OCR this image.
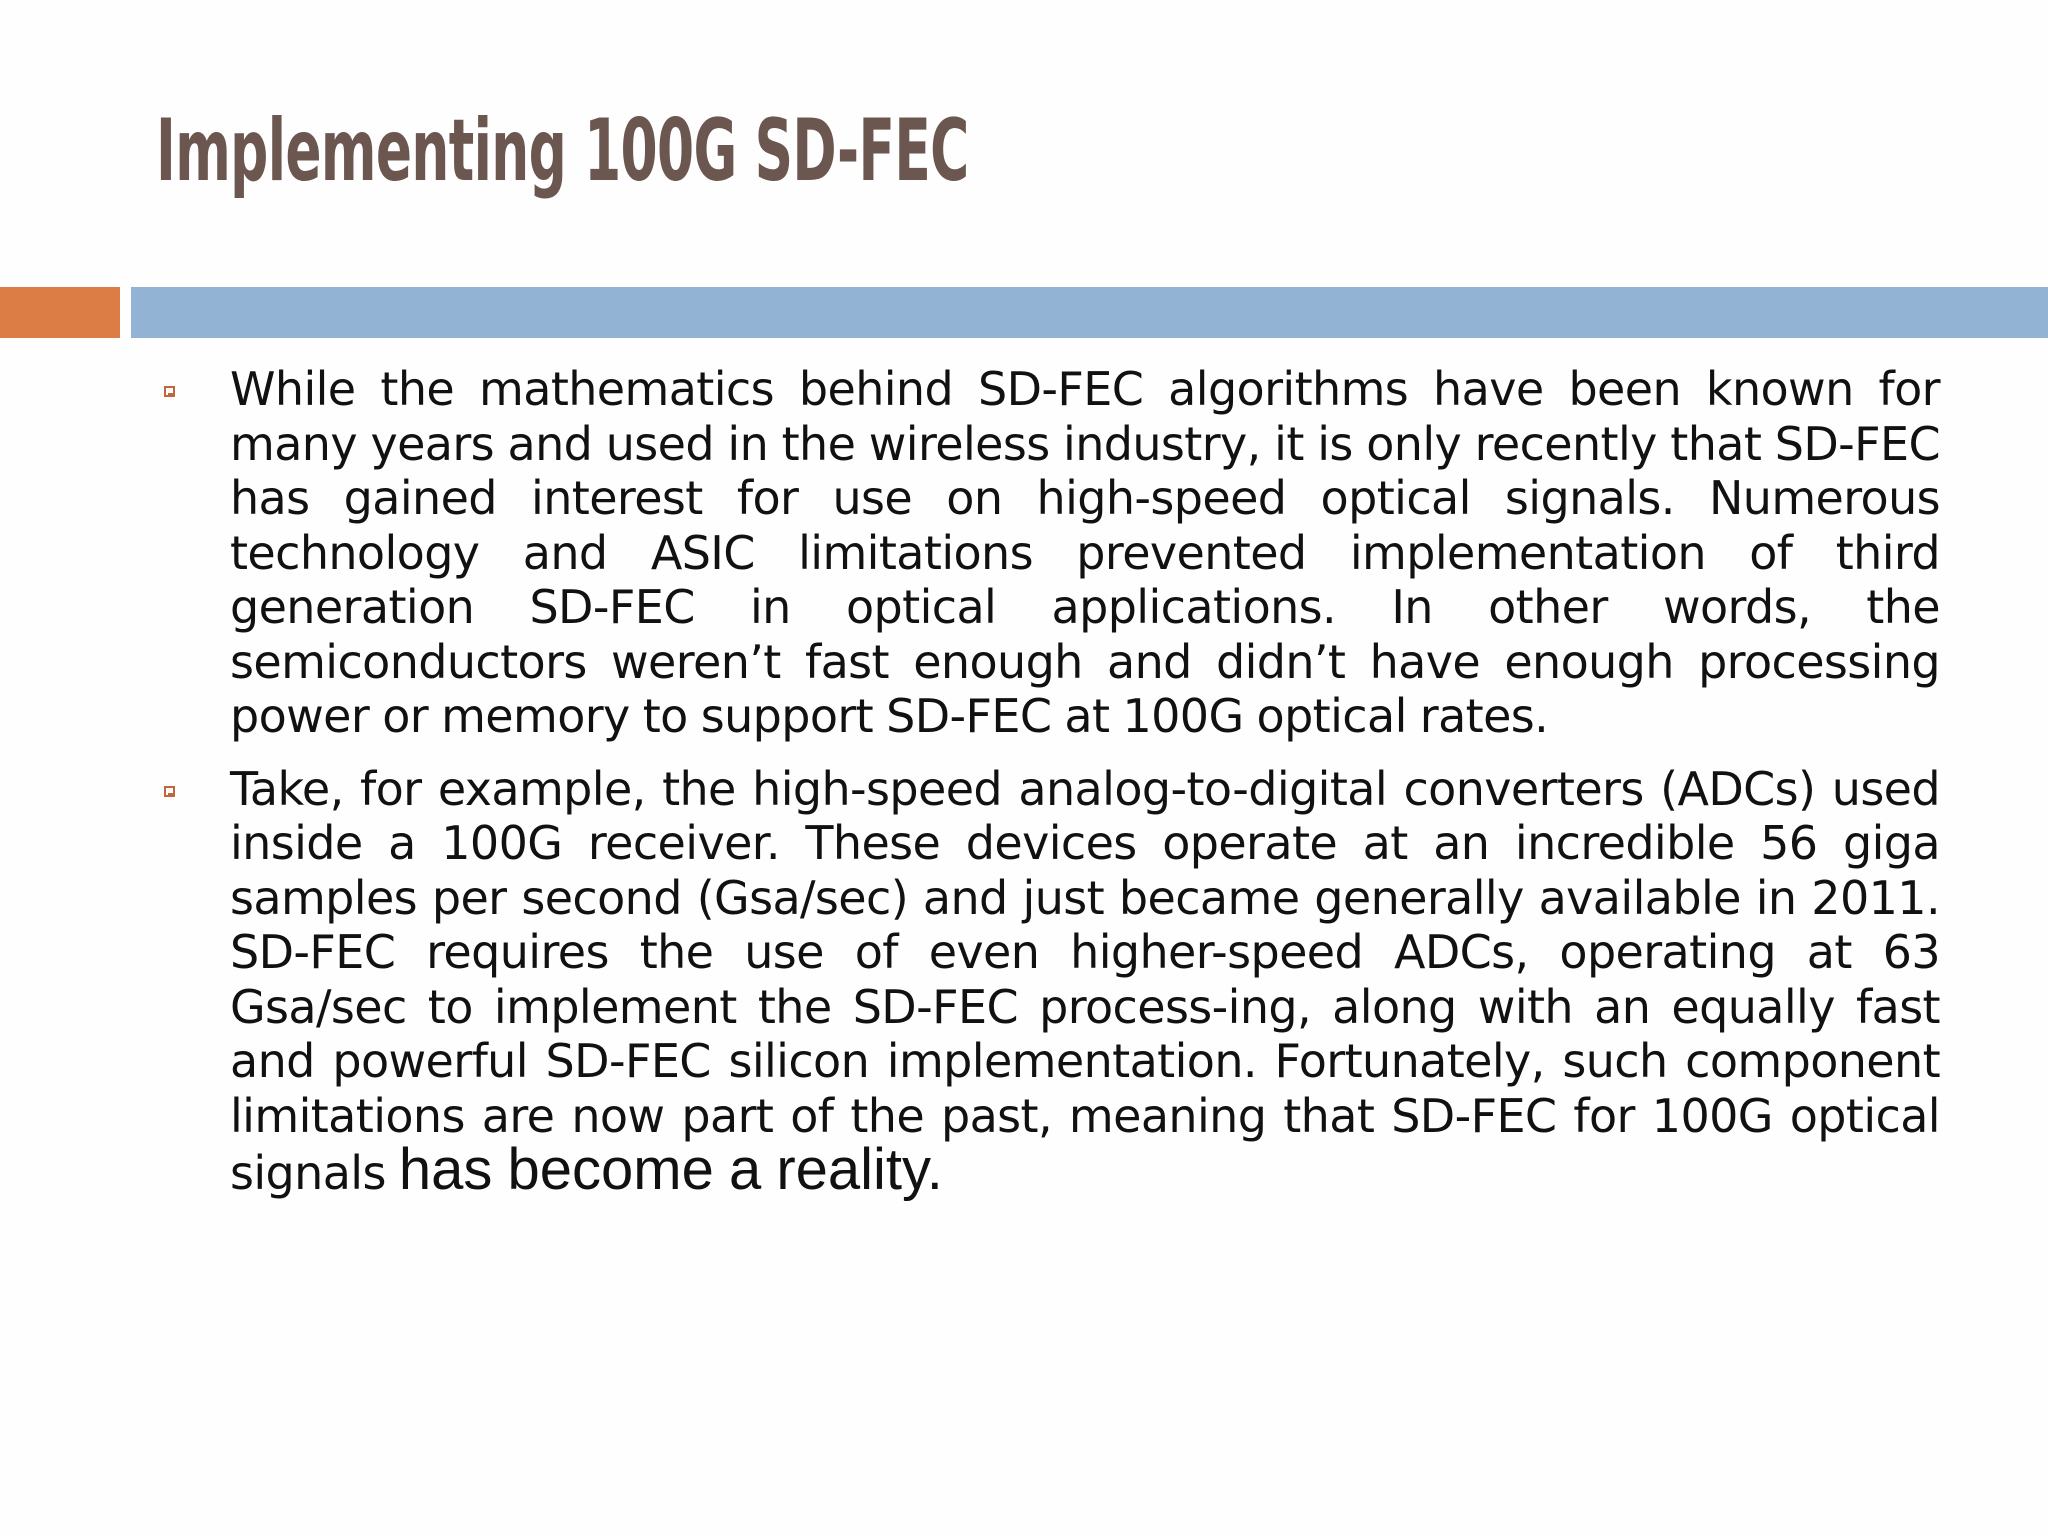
Implementing 100G SD-FEC
While the mathematics behind SD-FEC algorithms have been known for many years and used in the wireless industry, it is only recently that SD-FEC has gained interest for use on high-speed optical signals. Numerous technology and ASIC limitations prevented implementation of third generation SD-FEC in optical applications. In other words, the semiconductors weren’t fast enough and didn’t have enough processing power or memory to support SD-FEC at 100G optical rates.
Take, for example, the high-speed analog-to-digital converters (ADCs) used inside a 100G receiver. These devices operate at an incredible 56 giga samples per second (Gsa/sec) and just became generally available in 2011. SD-FEC requires the use of even higher-speed ADCs, operating at 63 Gsa/sec to implement the SD-FEC process-ing, along with an equally fast and powerful SD-FEC silicon implementation. Fortunately, such component limitations are now part of the past, meaning that SD-FEC for 100G optical signals has become a reality.
